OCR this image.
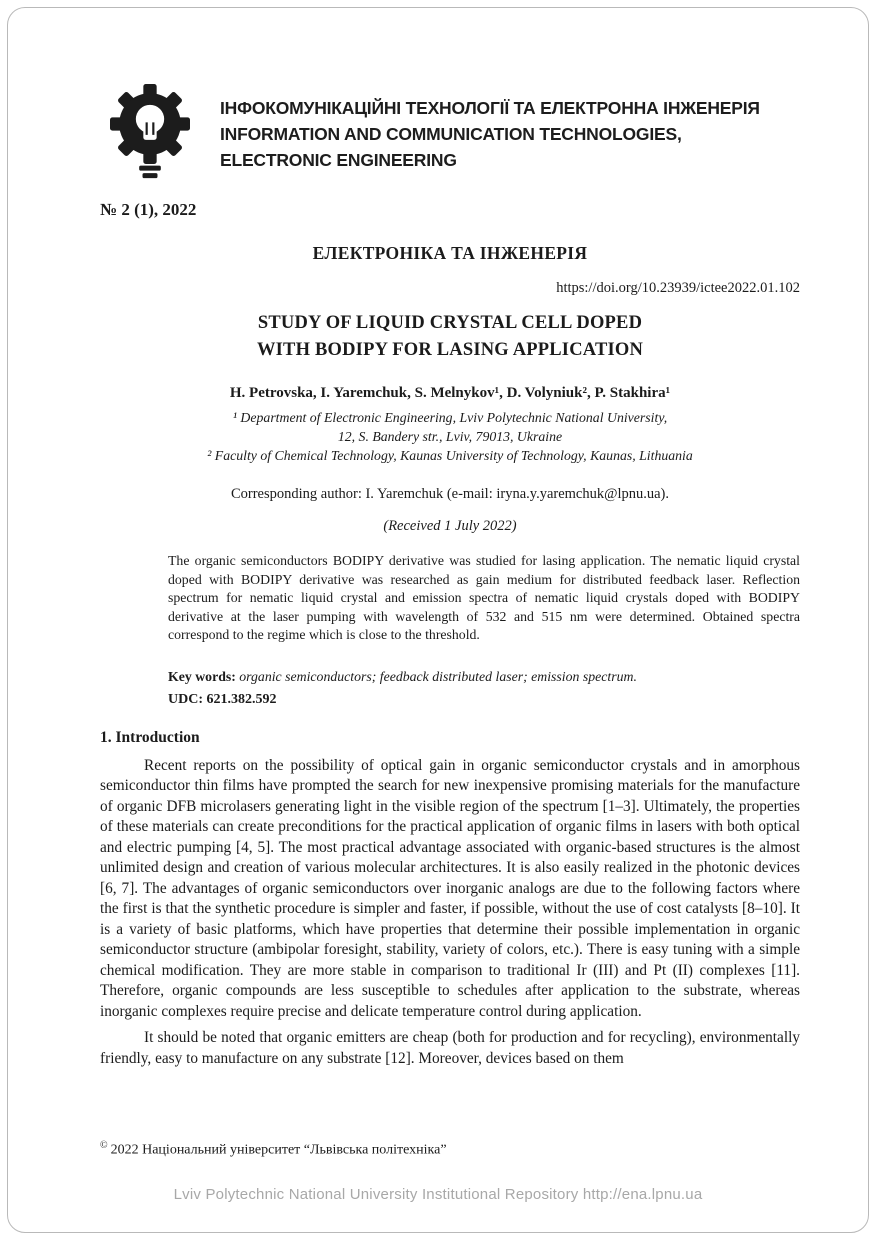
ІНФОКОМУНІКАЦІЙНІ ТЕХНОЛОГІЇ ТА ЕЛЕКТРОННА ІНЖЕНЕРІЯ
INFORMATION AND COMMUNICATION TECHNOLOGIES,
ELECTRONIC ENGINEERING
№ 2 (1), 2022
ЕЛЕКТРОНІКА ТА ІНЖЕНЕРІЯ
https://doi.org/10.23939/ictee2022.01.102
STUDY OF LIQUID CRYSTAL CELL DOPED
WITH BODIPY FOR LASING APPLICATION
H. Petrovska, I. Yaremchuk, S. Melnykov¹, D. Volyniuk², P. Stakhira¹
¹ Department of Electronic Engineering, Lviv Polytechnic National University,
12, S. Bandery str., Lviv, 79013, Ukraine
² Faculty of Chemical Technology, Kaunas University of Technology, Kaunas, Lithuania
Corresponding author: I. Yaremchuk (e-mail: iryna.y.yaremchuk@lpnu.ua).
(Received 1 July 2022)
The organic semiconductors BODIPY derivative was studied for lasing application. The nematic liquid crystal doped with BODIPY derivative was researched as gain medium for distributed feedback laser. Reflection spectrum for nematic liquid crystal and emission spectra of nematic liquid crystals doped with BODIPY derivative at the laser pumping with wavelength of 532 and 515 nm were determined. Obtained spectra correspond to the regime which is close to the threshold.
Key words: organic semiconductors; feedback distributed laser; emission spectrum.
UDC: 621.382.592
1. Introduction
Recent reports on the possibility of optical gain in organic semiconductor crystals and in amorphous semiconductor thin films have prompted the search for new inexpensive promising materials for the manufacture of organic DFB microlasers generating light in the visible region of the spectrum [1–3]. Ultimately, the properties of these materials can create preconditions for the practical application of organic films in lasers with both optical and electric pumping [4, 5]. The most practical advantage associated with organic-based structures is the almost unlimited design and creation of various molecular architectures. It is also easily realized in the photonic devices [6, 7]. The advantages of organic semiconductors over inorganic analogs are due to the following factors where the first is that the synthetic procedure is simpler and faster, if possible, without the use of cost catalysts [8–10]. It is a variety of basic platforms, which have properties that determine their possible implementation in organic semiconductor structure (ambipolar foresight, stability, variety of colors, etc.). There is easy tuning with a simple chemical modification. They are more stable in comparison to traditional Ir (III) and Pt (II) complexes [11]. Therefore, organic compounds are less susceptible to schedules after application to the substrate, whereas inorganic complexes require precise and delicate temperature control during application.
It should be noted that organic emitters are cheap (both for production and for recycling), environmentally friendly, easy to manufacture on any substrate [12]. Moreover, devices based on them
© 2022 Національний університет “Львівська політехніка”
Lviv Polytechnic National University Institutional Repository http://ena.lpnu.ua
